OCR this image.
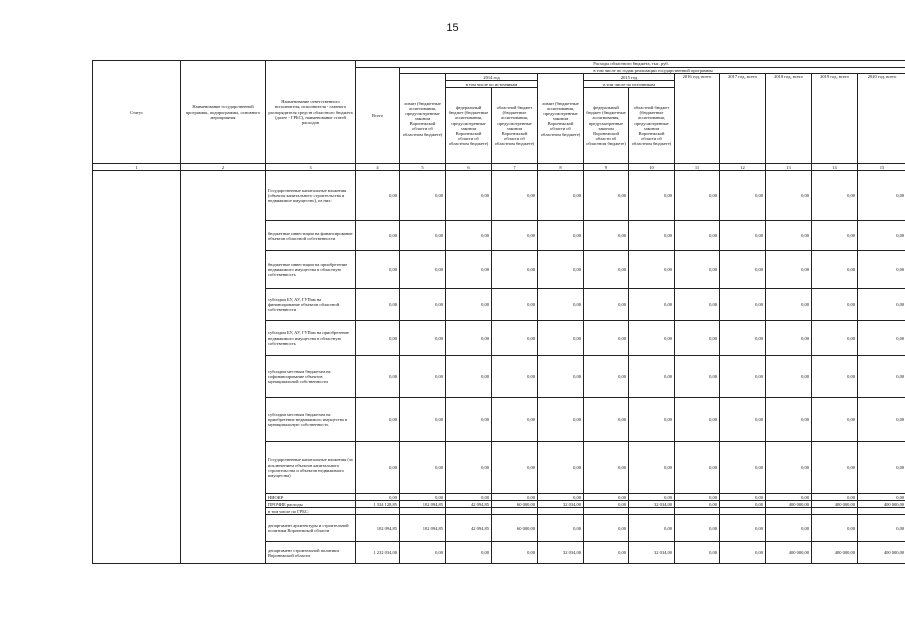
15
Статус	Наименование государственной программы, подпрограммы, основного мероприятия	Наименование ответственного исполнителя, исполнителя - главного распорядителя средств областного бюджета (далее - ГРБС), наименование статей расходов	Расходы областного бюджета, тыс. руб.											
			Всего	в том числе по годам реализации государственной программы										
				лимит (бюджетные ассигнования, предусмотренные законом Воронежской области об областном бюджете)	2014 год		лимит (бюджетные ассигнования, предусмотренные законом Воронежской области об областном бюджете)	2015 год		2016 год, всего	2017 год, всего	2018 год, всего	2019 год, всего	2020 год, всего
					в том числе по источникам			в том числе по источникам						
					федеральный бюджет (бюджетные ассигнования, предусмотренные законом Воронежской области об областном бюджете)	областной бюджет (бюджетные ассигнования, предусмотренные законом Воронежской области об областном бюджете)		федеральный бюджет (бюджетные ассигнования, предусмотренные законом Воронежской области об областном бюджете)	областной бюджет (бюджетные ассигнования, предусмотренные законом Воронежской области об областном бюджете)					
1	2	3	4	5	6	7	8	9	10	11	12	13	14	15
		Государственные капитальные вложения (объекты капитального строительства и недвижимое имущество), из них:	0,00	0,00	0,00	0,00	0,00	0,00	0,00	0,00	0,00	0,00	0,00	0,00
		бюджетные инвестиции на финансирование объектов областной собственности	0,00	0,00	0,00	0,00	0,00	0,00	0,00	0,00	0,00	0,00	0,00	0,00
		бюджетные инвестиции на приобретение недвижимого имущества в областную собственность	0,00	0,00	0,00	0,00	0,00	0,00	0,00	0,00	0,00	0,00	0,00	0,00
		субсидии БУ, АУ, ГУПам на финансирование объектов областной собственности	0,00	0,00	0,00	0,00	0,00	0,00	0,00	0,00	0,00	0,00	0,00	0,00
		субсидии БУ, АУ, ГУПам на приобретение недвижимого имущества в областную собственность	0,00	0,00	0,00	0,00	0,00	0,00	0,00	0,00	0,00	0,00	0,00	0,00
		субсидии местным бюджетам на софинансирование объектов муниципальной собственности	0,00	0,00	0,00	0,00	0,00	0,00	0,00	0,00	0,00	0,00	0,00	0,00
		субсидии местным бюджетам на приобретение недвижимого имущества в муниципальную собственность	0,00	0,00	0,00	0,00	0,00	0,00	0,00	0,00	0,00	0,00	0,00	0,00
		Государственные капитальные вложения (за исключением объектов капитального строительства и объектов недвижимого имущества)	0,00	0,00	0,00	0,00	0,00	0,00	0,00	0,00	0,00	0,00	0,00	0,00
		НИОКР	0,00	0,00	0,00	0,00	0,00	0,00	0,00	0,00	0,00	0,00	0,00	0,00
		ПРОЧИЕ расходы	1 334 128,85	102 094,85	42 094,85	60 000,00	32 034,00	0,00	32 034,00	0,00	0,00	400 000,00	400 000,00	400 000,00
		в том числе по ГРБС:												
		департамент архитектуры и строительной политики Воронежской области	102 094,85	102 094,85	42 094,85	60 000,00	0,00	0,00	0,00	0,00	0,00	0,00	0,00	0,00
		департамент строительной политики Воронежской области	1 232 034,00	0,00	0,00	0,00	32 034,00	0,00	32 034,00	0,00	0,00	400 000,00	400 000,00	400 000,00
